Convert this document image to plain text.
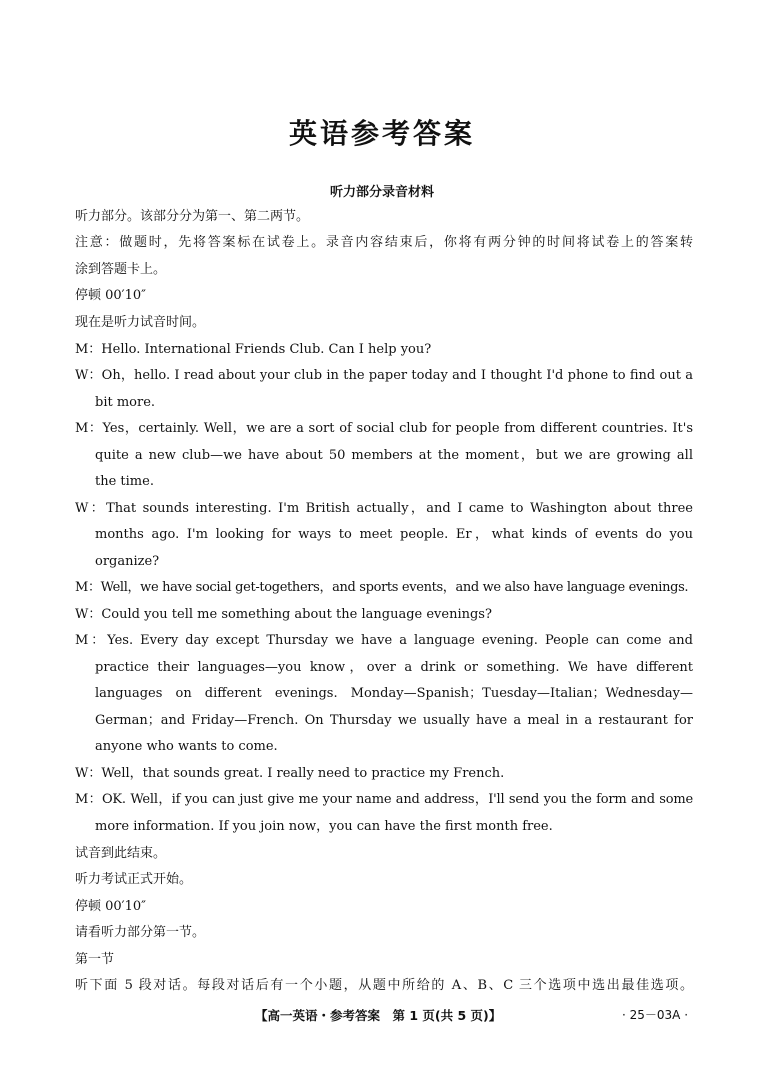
英语参考答案
听力部分录音材料
听力部分。该部分分为第一、第二两节。
注意：做题时，先将答案标在试卷上。录音内容结束后，你将有两分钟的时间将试卷上的答案转
涂到答题卡上。
停顿 00′10″
现在是听力试音时间。
M：Hello. International Friends Club. Can I help you?
W：Oh，hello. I read about your club in the paper today and I thought I'd phone to find out a
bit more.
M：Yes，certainly. Well，we are a sort of social club for people from different countries. It's
quite a new club—we have about 50 members at the moment，but we are growing all
the time.
W：That sounds interesting. I'm British actually，and I came to Washington about three
months ago. I'm looking for ways to meet people. Er，what kinds of events do you
organize?
M：Well，we have social get-togethers，and sports events，and we also have language evenings.
W：Could you tell me something about the language evenings?
M：Yes. Every day except Thursday we have a language evening. People can come and
practice their languages—you know，over a drink or something. We have different
languages on different evenings. Monday—Spanish；Tuesday—Italian；Wednesday—
German；and Friday—French. On Thursday we usually have a meal in a restaurant for
anyone who wants to come.
W：Well，that sounds great. I really need to practice my French.
M：OK. Well，if you can just give me your name and address，I'll send you the form and some
more information. If you join now，you can have the first month free.
试音到此结束。
听力考试正式开始。
停顿 00′10″
请看听力部分第一节。
第一节
听下面 5 段对话。每段对话后有一个小题，从题中所给的 A、B、C 三个选项中选出最佳选项。
【高一英语・参考答案　第 1 页(共 5 页)】	· 25－03A ·
